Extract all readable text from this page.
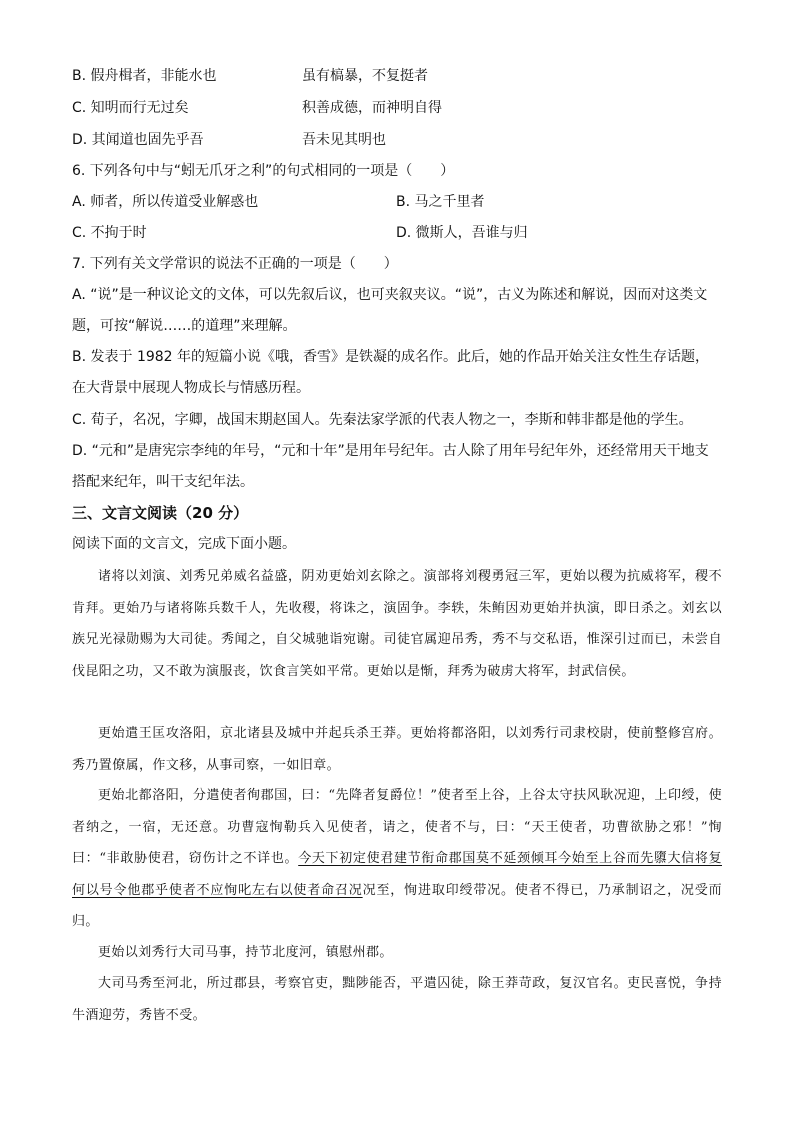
B. 假舟楫者，非能水也	虽有槁暴，不复挺者
C. 知明而行无过矣	积善成德，而神明自得
D. 其闻道也固先乎吾	吾未见其明也
6. 下列各句中与“蚓无爪牙之利”的句式相同的一项是（　　）
A. 师者，所以传道受业解惑也	B. 马之千里者
C. 不拘于时	D. 微斯人，吾谁与归
7. 下列有关文学常识的说法不正确的一项是（　　）
A. “说”是一种议论文的文体，可以先叙后议，也可夹叙夹议。“说”，古义为陈述和解说，因而对这类文题，可按“解说……的道理”来理解。
B. 发表于 1982 年的短篇小说《哦，香雪》是铁凝的成名作。此后，她的作品开始关注女性生存话题，在大背景中展现人物成长与情感历程。
C. 荀子，名况，字卿，战国末期赵国人。先秦法家学派的代表人物之一，李斯和韩非都是他的学生。
D. “元和”是唐宪宗李纯的年号，“元和十年”是用年号纪年。古人除了用年号纪年外，还经常用天干地支搭配来纪年，叫干支纪年法。
三、文言文阅读（20 分）
阅读下面的文言文，完成下面小题。
诸将以刘演、刘秀兄弟威名益盛，阴劝更始刘玄除之。演部将刘稷勇冠三军，更始以稷为抗威将军，稷不肯拜。更始乃与诸将陈兵数千人，先收稷，将诛之，演固争。李轶，朱鲔因劝更始并执演，即日杀之。刘玄以族兄光禄勋赐为大司徒。秀闻之，自父城驰诣宛谢。司徒官属迎吊秀，秀不与交私语，惟深引过而已，未尝自伐昆阳之功，又不敢为演服丧，饮食言笑如平常。更始以是惭，拜秀为破虏大将军，封武信侯。
更始遣王匡攻洛阳，京北诸县及城中并起兵杀王莽。更始将都洛阳，以刘秀行司隶校尉，使前整修宫府。秀乃置僚属，作文移，从事司察，一如旧章。
更始北都洛阳，分遣使者徇郡国，曰：“先降者复爵位！”使者至上谷，上谷太守扶风耿况迎，上印绶，使者纳之，一宿，无还意。功曹寇恂勒兵入见使者，请之，使者不与，曰：“天王使者，功曹欲胁之邪！”恂曰：“非敢胁使君，窃伤计之不详也。今天下初定使君建节衔命郡国莫不延颈倾耳今始至上谷而先隳大信将复何以号令他郡乎使者不应恂叱左右以使者命召况况至，恂进取印绶带况。使者不得已，乃承制诏之，况受而归。
更始以刘秀行大司马事，持节北度河，镇慰州郡。
大司马秀至河北，所过郡县，考察官吏，黜陟能否，平遣囚徒，除王莽苛政，复汉官名。吏民喜悦，争持牛酒迎劳，秀皆不受。
